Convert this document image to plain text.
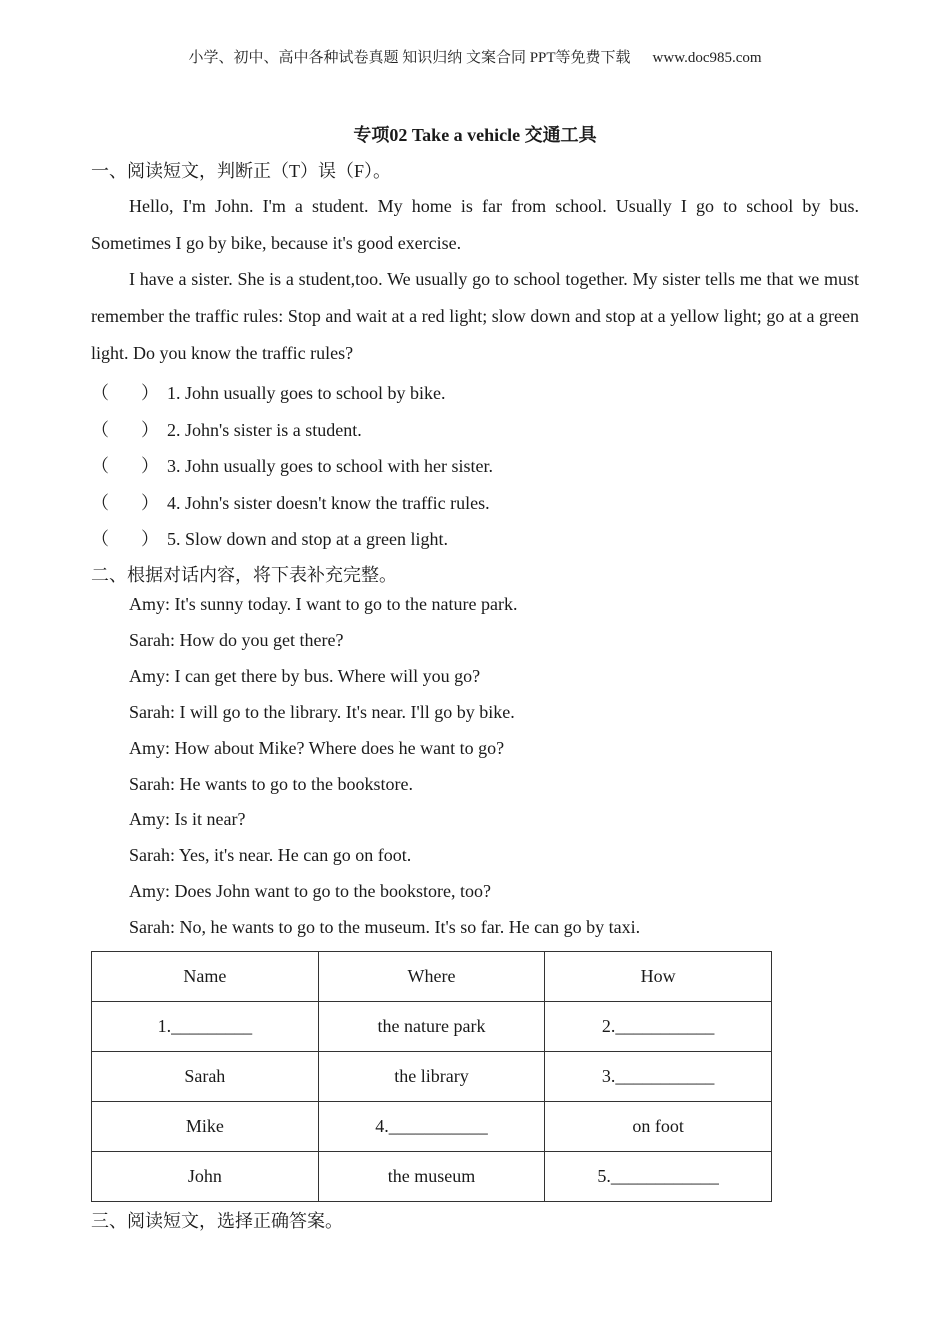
小学、初中、高中各种试卷真题 知识归纳 文案合同 PPT等免费下载 www.doc985.com
专项02 Take a vehicle 交通工具
一、阅读短文，判断正（T）误（F）。
Hello, I'm John. I'm a student. My home is far from school. Usually I go to school by bus. Sometimes I go by bike, because it's good exercise.
I have a sister. She is a student,too. We usually go to school together. My sister tells me that we must remember the traffic rules: Stop and wait at a red light; slow down and stop at a yellow light; go at a green light. Do you know the traffic rules?
（ ） 1. John usually goes to school by bike.
（ ） 2. John's sister is a student.
（ ） 3. John usually goes to school with her sister.
（ ） 4. John's sister doesn't know the traffic rules.
（ ） 5. Slow down and stop at a green light.
二、根据对话内容，将下表补充完整。
Amy: It's sunny today. I want to go to the nature park.
Sarah: How do you get there?
Amy: I can get there by bus. Where will you go?
Sarah: I will go to the library. It's near. I'll go by bike.
Amy: How about Mike? Where does he want to go?
Sarah: He wants to go to the bookstore.
Amy: Is it near?
Sarah: Yes, it's near. He can go on foot.
Amy: Does John want to go to the bookstore, too?
Sarah: No, he wants to go to the museum. It's so far. He can go by taxi.
Name	Where	How
1._________	the nature park	2.___________
Sarah	the library	3.___________
Mike	4.___________	on foot
John	the museum	5.____________
三、阅读短文，选择正确答案。
